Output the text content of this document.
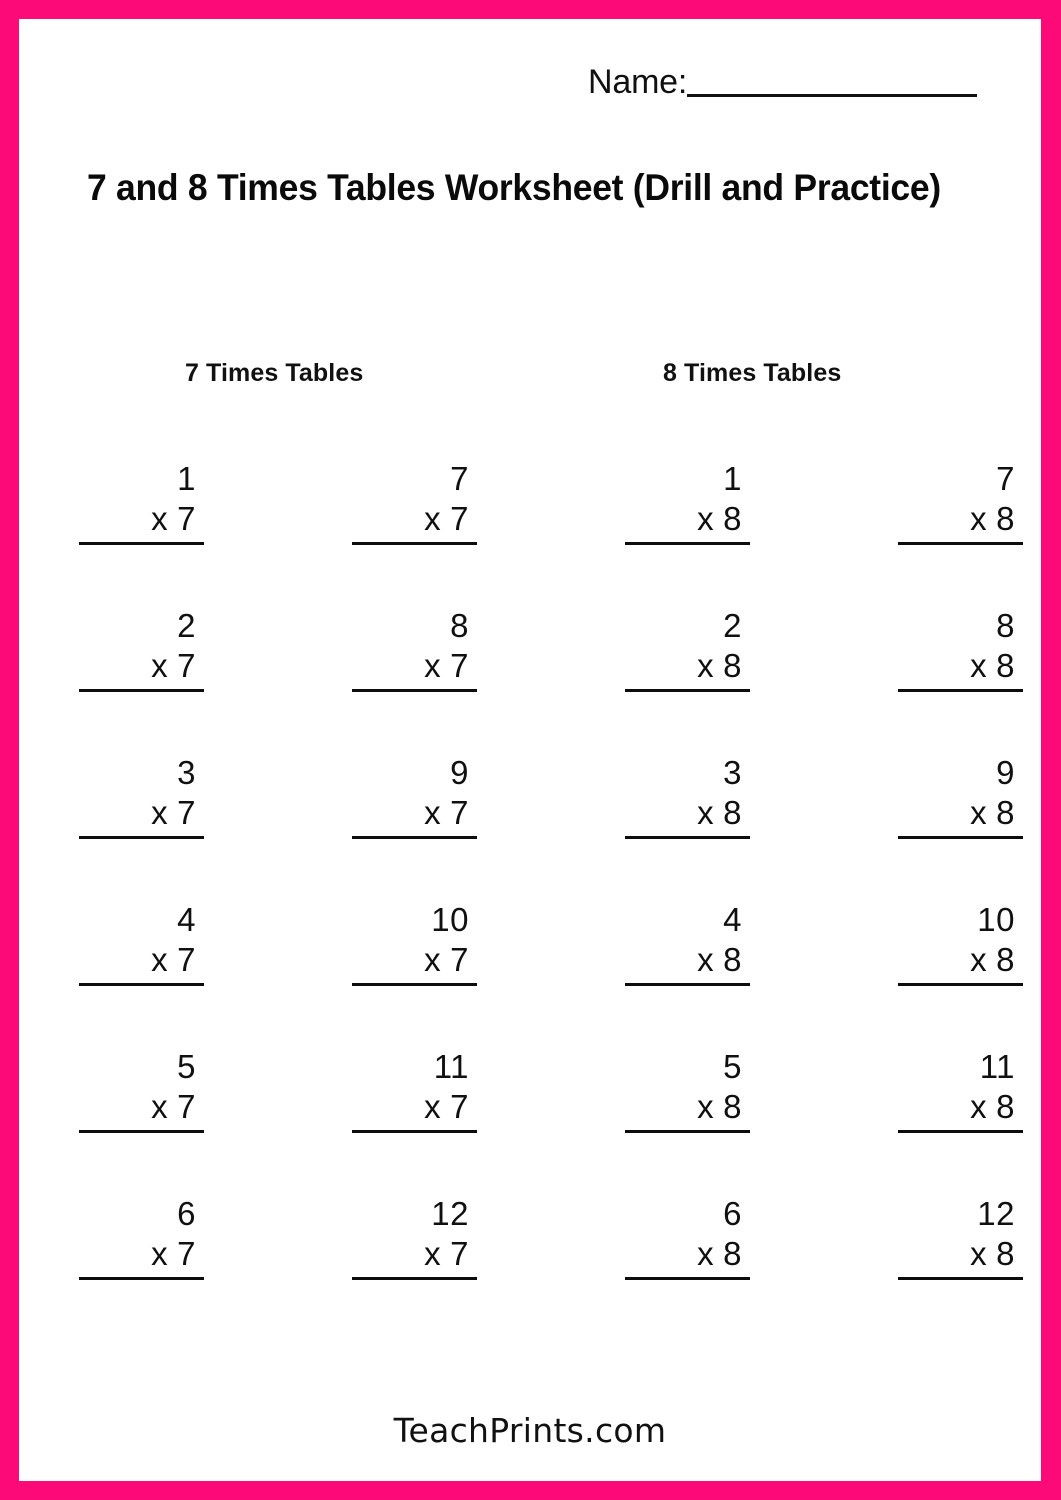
Name:
7 and 8 Times Tables Worksheet (Drill and Practice)
7 Times Tables	8 Times Tables
1
x 7
2
x 7
3
x 7
4
x 7
5
x 7
6
x 7
7
x 7
8
x 7
9
x 7
10
x 7
11
x 7
12
x 7
1
x 8
2
x 8
3
x 8
4
x 8
5
x 8
6
x 8
7
x 8
8
x 8
9
x 8
10
x 8
11
x 8
12
x 8
TeachPrints.com
